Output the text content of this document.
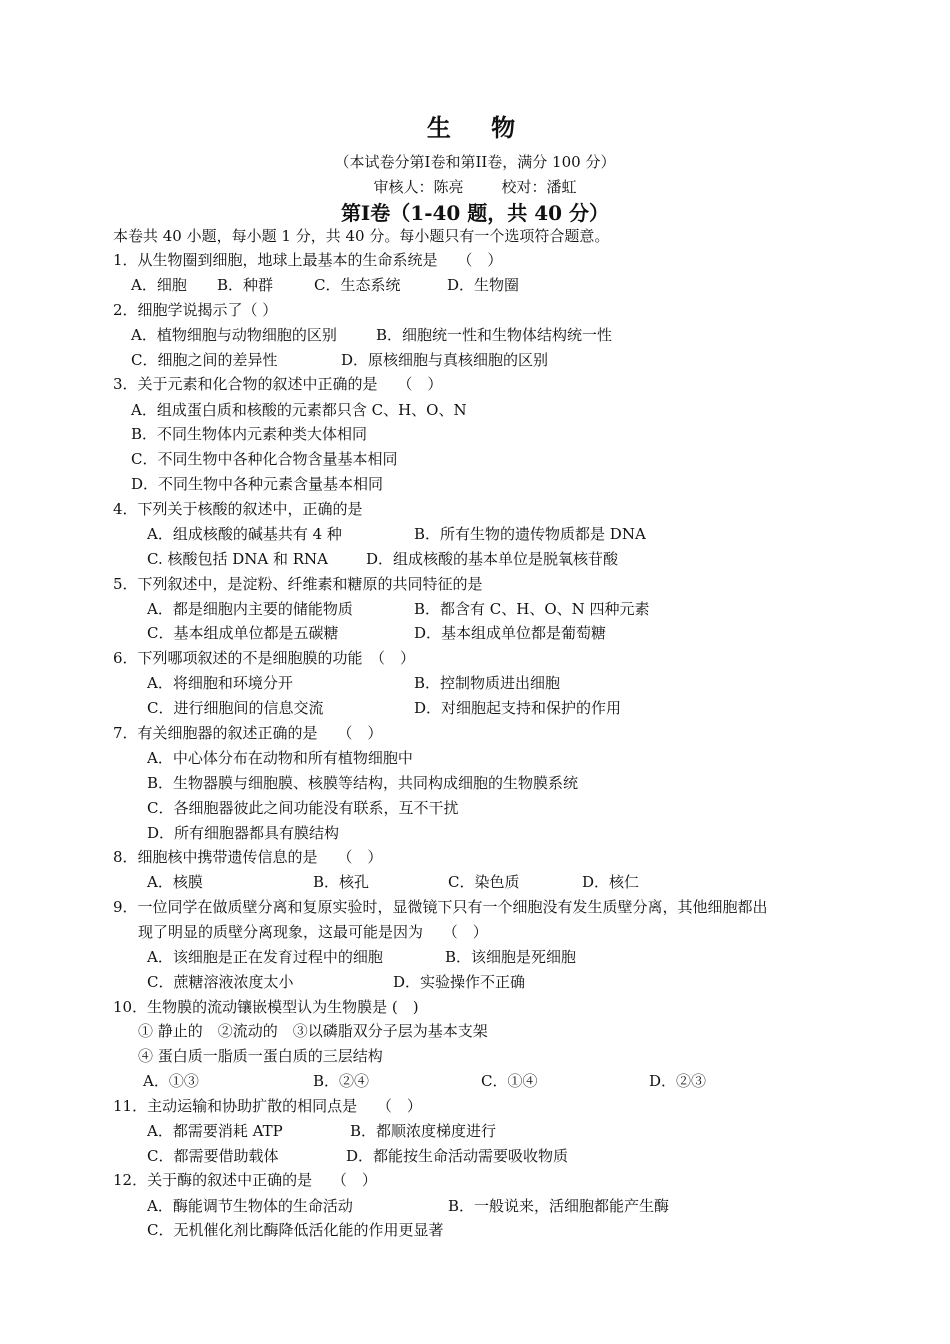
生 物
（本试卷分第I卷和第II卷，满分 100 分）
审核人：陈亮	校对：潘虹
第I卷（1-40 题，共 40 分）
本卷共 40 小题，每小题 1 分，共 40 分。每小题只有一个选项符合题意。
1．从生物圈到细胞，地球上最基本的生命系统是　 （　）
A．细胞 B．种群	C．生态系统	D．生物圈
2．细胞学说揭示了（ ）
A．植物细胞与动物细胞的区别	B．细胞统一性和生物体结构统一性
C．细胞之间的差异性	D．原核细胞与真核细胞的区别
3．关于元素和化合物的叙述中正确的是　 （　）
A．组成蛋白质和核酸的元素都只含 C、H、O、N
B．不同生物体内元素种类大体相同
C．不同生物中各种化合物含量基本相同
D．不同生物中各种元素含量基本相同
4．下列关于核酸的叙述中，正确的是
A．组成核酸的碱基共有 4 种	B．所有生物的遗传物质都是 DNA
C. 核酸包括 DNA 和 RNA	D．组成核酸的基本单位是脱氧核苷酸
5．下列叙述中，是淀粉、纤维素和糖原的共同特征的是
A．都是细胞内主要的储能物质	B．都含有 C、H、O、N 四种元素
C．基本组成单位都是五碳糖	D．基本组成单位都是葡萄糖
6．下列哪项叙述的不是细胞膜的功能　（　）
A．将细胞和环境分开	B．控制物质进出细胞
C．进行细胞间的信息交流	D．对细胞起支持和保护的作用
7．有关细胞器的叙述正确的是　 （　）
A．中心体分布在动物和所有植物细胞中
B．生物器膜与细胞膜、核膜等结构，共同构成细胞的生物膜系统
C．各细胞器彼此之间功能没有联系，互不干扰
D．所有细胞器都具有膜结构
8．细胞核中携带遗传信息的是　 （　）
A．核膜	B．核孔	C．染色质	D．核仁
9．一位同学在做质壁分离和复原实验时，显微镜下只有一个细胞没有发生质壁分离，其他细胞都出
现了明显的质壁分离现象，这最可能是因为　 （　）
A．该细胞是正在发育过程中的细胞	B．该细胞是死细胞
C．蔗糖溶液浓度太小	D．实验操作不正确
10．生物膜的流动镶嵌模型认为生物膜是 (　)
① 静止的　②流动的　③以磷脂双分子层为基本支架
④ 蛋白质一脂质一蛋白质的三层结构
A．①③	B．②④	C．①④	D．②③
11．主动运输和协助扩散的相同点是　 （　）
A．都需要消耗 ATP	B．都顺浓度梯度进行
C．都需要借助载体	D．都能按生命活动需要吸收物质
12．关于酶的叙述中正确的是　 （　）
A．酶能调节生物体的生命活动	B．一般说来，活细胞都能产生酶
C．无机催化剂比酶降低活化能的作用更显著
